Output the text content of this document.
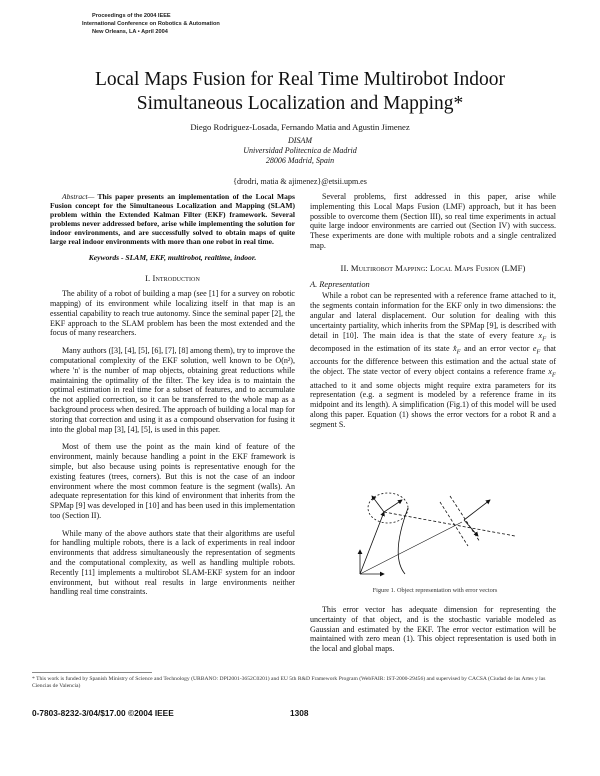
Proceedings of the 2004 IEEE
International Conference on Robotics & Automation
New Orleans, LA • April 2004
Local Maps Fusion for Real Time Multirobot Indoor
Simultaneous Localization and Mapping*
Diego Rodriguez-Losada, Fernando Matia and Agustin Jimenez
DISAM
Universidad Politecnica de Madrid
28006 Madrid, Spain
{drodri, matia & ajimenez}@etsii.upm.es

Abstract— This paper presents an implementation of the Local Maps Fusion concept for the Simultaneous Localization and Mapping (SLAM) problem within the Extended Kalman Filter (EKF) framework. Several problems never addressed before, arise while implementing the solution for indoor environments, and are successfully solved to obtain maps of quite large real indoor environments with more than one robot in real time.

Keywords - SLAM, EKF, multirobot, realtime, indoor.

I. Introduction

The ability of a robot of building a map (see [1] for a survey on robotic mapping) of its environment while localizing itself in that map is an essential capability to reach true autonomy. Since the seminal paper [2], the EKF approach to the SLAM problem has been the most extended and the focus of many researchers.

Many authors ([3], [4], [5], [6], [7], [8] among them), try to improve the computational complexity of the EKF solution, well known to be O(n²), where 'n' is the number of map objects, obtaining great reductions while maintaining the optimality of the filter. The key idea is to maintain the optimal estimation in real time for a subset of features, and to accumulate the not applied correction, so it can be transferred to the whole map as a background process when desired. The approach of building a local map for storing that correction and using it as a compound observation for fusing it into the global map [3], [4], [5], is used in this paper.

Most of them use the point as the main kind of feature of the environment, mainly because handling a point in the EKF framework is simple, but also because using points is representative enough for the existing features (trees, corners). But this is not the case of an indoor environment where the most common feature is the segment (walls). An adequate representation for this kind of environment that inherits from the SPMap [9] was developed in [10] and has been used in this implementation too (Section II).

While many of the above authors state that their algorithms are useful for handling multiple robots, there is a lack of experiments in real indoor environments that address simultaneously the representation of segments and the computational complexity, as well as handling multiple robots. Recently [11] implements a multirobot SLAM-EKF system for an indoor environment, but without real results in large environments neither handling real time constraints.

Several problems, first addressed in this paper, arise while implementing this Local Maps Fusion (LMF) approach, but it has been possible to overcome them (Section III), so real time experiments in actual quite large indoor environments are carried out (Section IV) with success. These experiments are done with multiple robots and a single centralized map.

II. Multirobot Mapping: Local Maps Fusion (LMF)

A. Representation

While a robot can be represented with a reference frame attached to it, the segments contain information for the EKF only in two dimensions: the angular and lateral displacement. Our solution for dealing with this uncertainty partiality, which inherits from the SPMap [9], is described with detail in [10]. The main idea is that the state of every feature $x_F$ is decomposed in the estimation of its state $x̂_F$ and an error vector $e_F$ that accounts for the difference between this estimation and the actual state of the object. The state vector of every object contains a reference frame $x_F$ attached to it and some objects might require extra parameters for its representation (e.g. a segment is modeled by a reference frame in its midpoint and its length). A simplification (Fig.1) of this model will be used along this paper. Equation (1) shows the error vectors for a robot R and a segment S.

Figure 1. Object representation with error vectors

This error vector has adequate dimension for representing the uncertainty of that object, and is the stochastic variable modeled as Gaussian and estimated by the EKF. The error vector estimation will be maintained with zero mean (1). This object representation is used both in the local and global maps.

* This work is funded by Spanish Ministry of Science and Technology (URBANO: DPI2001-3652C0201) and EU 5th R&D Framework Program (WebFAIR: IST-2000-29456) and supervised by CACSA (Ciudad de las Artes y las Ciencias de Valencia)
0-7803-8232-3/04/$17.00 ©2004 IEEE	1308
